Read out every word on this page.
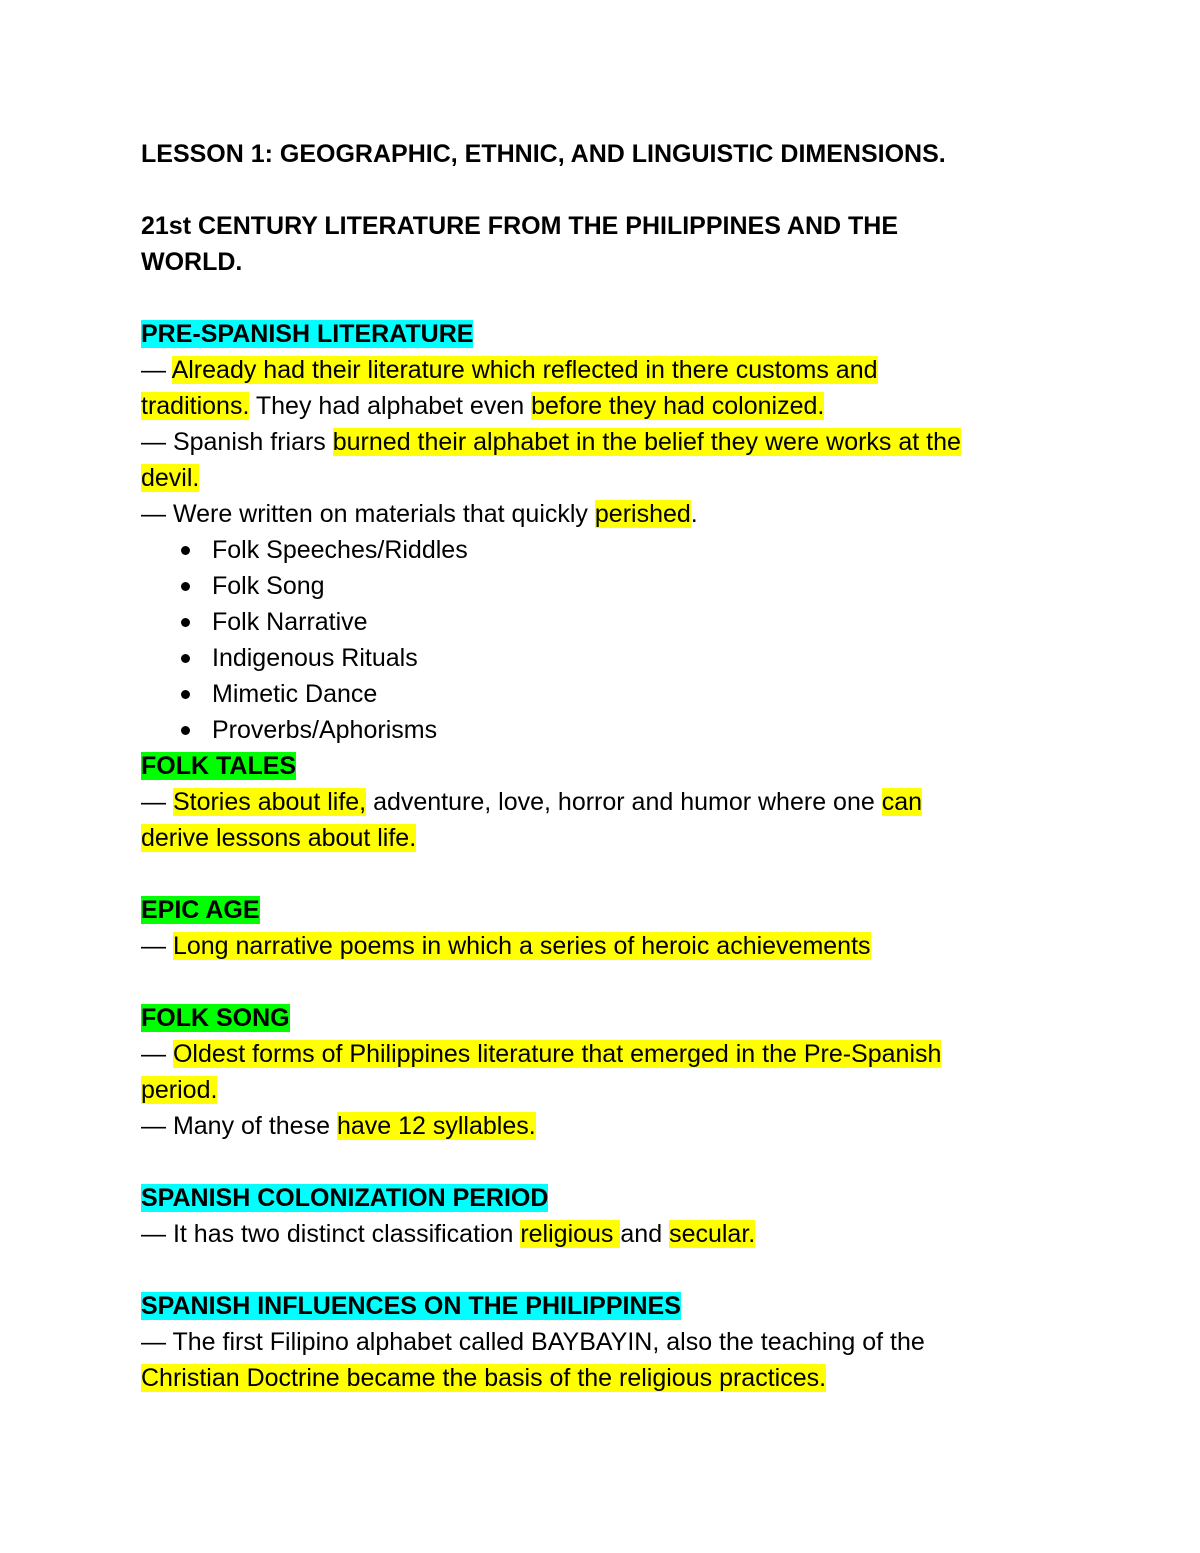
LESSON 1: GEOGRAPHIC, ETHNIC, AND LINGUISTIC DIMENSIONS.

21st CENTURY LITERATURE FROM THE PHILIPPINES AND THE

WORLD.

PRE-SPANISH LITERATURE

— Already had their literature which reflected in there customs and

traditions. They had alphabet even before they had colonized.

— Spanish friars burned their alphabet in the belief they were works at the

devil.

— Were written on materials that quickly perished.

Folk Speeches/Riddles
Folk Song
Folk Narrative
Indigenous Rituals
Mimetic Dance
Proverbs/Aphorisms

FOLK TALES

— Stories about life, adventure, love, horror and humor where one can

derive lessons about life.

EPIC AGE

— Long narrative poems in which a series of heroic achievements

FOLK SONG

— Oldest forms of Philippines literature that emerged in the Pre-Spanish

period.

— Many of these have 12 syllables.

SPANISH COLONIZATION PERIOD

— It has two distinct classification religious and secular.

SPANISH INFLUENCES ON THE PHILIPPINES

— The first Filipino alphabet called BAYBAYIN, also the teaching of the

Christian Doctrine became the basis of the religious practices.
